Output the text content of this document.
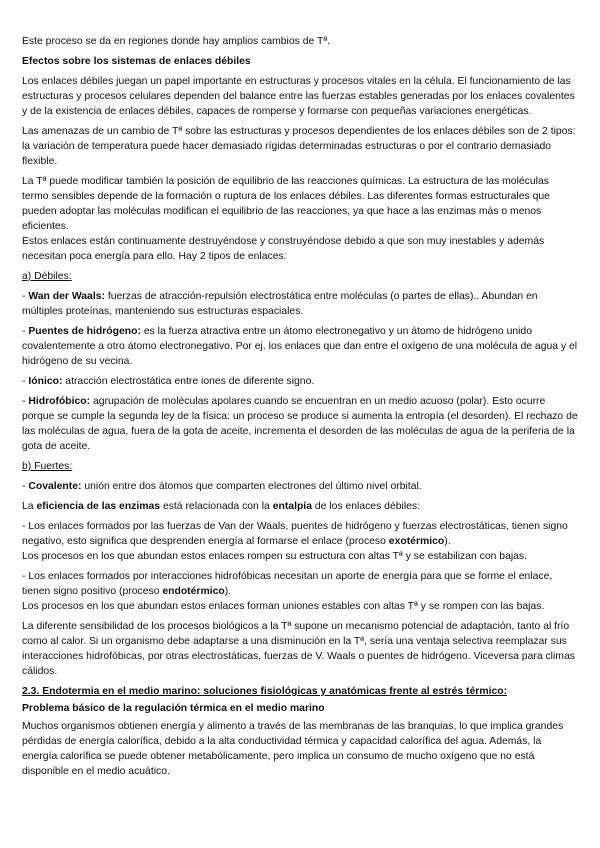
Este proceso se da en regiones donde hay amplios cambios de Tª.

Efectos sobre los sistemas de enlaces débiles

Los enlaces débiles juegan un papel importante en estructuras y procesos vitales en la célula. El funcionamiento de las estructuras y procesos celulares dependen del balance entre las fuerzas estables generadas por los enlaces covalentes y de la existencia de enlaces débiles, capaces de romperse y formarse con pequeñas variaciones energéticas.

Las amenazas de un cambio de Tª sobre las estructuras y procesos dependientes de los enlaces débiles son de 2 tipos: la variación de temperatura puede hacer demasiado rígidas determinadas estructuras o por el contrario demasiado flexible.

La Tª puede modificar también la posición de equilibrio de las reacciones químicas. La estructura de las moléculas termo sensibles depende de la formación o ruptura de los enlaces débiles. Las diferentes formas estructurales que pueden adoptar las moléculas modifican el equilibrio de las reacciones, ya que hace a las enzimas más o menos eficientes.

Estos enlaces están continuamente destruyéndose y construyéndose debido a que son muy inestables y además necesitan poca energía para ello. Hay 2 tipos de enlaces:

a) Débiles:

- Wan der Waals: fuerzas de atracción-repulsión electrostática entre moléculas (o partes de ellas).. Abundan en múltiples proteínas, manteniendo sus estructuras espaciales.

- Puentes de hidrógeno: es la fuerza atractiva entre un átomo electronegativo y un átomo de hidrógeno unido covalentemente a otro átomo electronegativo. Por ej. los enlaces que dan entre el oxígeno de una molécula de agua y el hidrógeno de su vecina.

- Iónico: atracción electrostática entre iones de diferente signo.

- Hidrofóbico: agrupación de moléculas apolares cuando se encuentran en un medio acuoso (polar). Esto ocurre porque se cumple la segunda ley de la física: un proceso se produce si aumenta la entropía (el desorden). El rechazo de las moléculas de agua, fuera de la gota de aceite, incrementa el desorden de las moléculas de agua de la periferia de la gota de aceite.

b) Fuertes:

- Covalente: unión entre dos átomos que comparten electrones del último nivel orbital.

La eficiencia de las enzimas está relacionada con la entalpía de los enlaces débiles:

- Los enlaces formados por las fuerzas de Van der Waals, puentes de hidrógeno y fuerzas electrostáticas, tienen signo negativo, esto significa que desprenden energía al formarse el enlace (proceso exotérmico).

Los procesos en los que abundan estos enlaces rompen su estructura con altas Tª y se estabilizan con bajas.

- Los enlaces formados por interacciones hidrofóbicas necesitan un aporte de energía para que se forme el enlace, tienen signo positivo (proceso endotérmico).

Los procesos en los que abundan estos enlaces forman uniones estables con altas Tª y se rompen con las bajas.

La diferente sensibilidad de los procesos biológicos a la Tª supone un mecanismo potencial de adaptación, tanto al frío como al calor. Si un organismo debe adaptarse a una disminución en la Tª, sería una ventaja selectiva reemplazar sus interacciones hidrofóbicas, por otras electrostáticas, fuerzas de V. Waals o puentes de hidrógeno. Viceversa para climas cálidos.

2.3. Endotermia en el medio marino: soluciones fisiológicas y anatómicas frente al estrés térmico:

Problema básico de la regulación térmica en el medio marino

Muchos organismos obtienen energía y alimento a través de las membranas de las branquias, lo que implica grandes pérdidas de energía calorífica, debido a la alta conductividad térmica y capacidad calorífica del agua. Además, la energía calorífica se puede obtener metabólicamente, pero implica un consumo de mucho oxígeno que no está disponible en el medio acuático.
